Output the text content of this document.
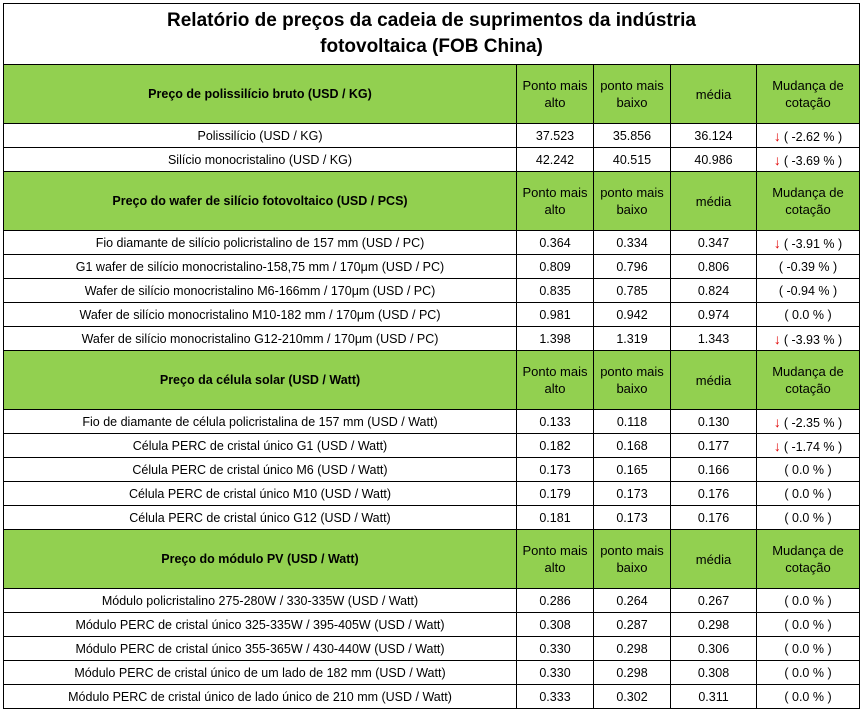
Relatório de preços da cadeia de suprimentos da indústria
fotovoltaica (FOB China)				
Preço de polissilício bruto (USD / KG)	Ponto mais alto	ponto mais baixo	média	Mudança de cotação
Polissilício (USD / KG)	37.523	35.856	36.124	↓ ( -2.62 % )
Silício monocristalino (USD / KG)	42.242	40.515	40.986	↓ ( -3.69 % )
Preço do wafer de silício fotovoltaico (USD / PCS)	Ponto mais alto	ponto mais baixo	média	Mudança de cotação
Fio diamante de silício policristalino de 157 mm (USD / PC)	0.364	0.334	0.347	↓ ( -3.91 % )
G1 wafer de silício monocristalino-158,75 mm / 170μm (USD / PC)	0.809	0.796	0.806	( -0.39 % )
Wafer de silício monocristalino M6-166mm / 170μm (USD / PC)	0.835	0.785	0.824	( -0.94 % )
Wafer de silício monocristalino M10-182 mm / 170μm (USD / PC)	0.981	0.942	0.974	( 0.0 % )
Wafer de silício monocristalino G12-210mm / 170μm (USD / PC)	1.398	1.319	1.343	↓ ( -3.93 % )
Preço da célula solar (USD / Watt)	Ponto mais alto	ponto mais baixo	média	Mudança de cotação
Fio de diamante de célula policristalina de 157 mm (USD / Watt)	0.133	0.118	0.130	↓ ( -2.35 % )
Célula PERC de cristal único G1 (USD / Watt)	0.182	0.168	0.177	↓ ( -1.74 % )
Célula PERC de cristal único M6 (USD / Watt)	0.173	0.165	0.166	( 0.0 % )
Célula PERC de cristal único M10 (USD / Watt)	0.179	0.173	0.176	( 0.0 % )
Célula PERC de cristal único G12 (USD / Watt)	0.181	0.173	0.176	( 0.0 % )
Preço do módulo PV (USD / Watt)	Ponto mais alto	ponto mais baixo	média	Mudança de cotação
Módulo policristalino 275-280W / 330-335W (USD / Watt)	0.286	0.264	0.267	( 0.0 % )
Módulo PERC de cristal único 325-335W / 395-405W (USD / Watt)	0.308	0.287	0.298	( 0.0 % )
Módulo PERC de cristal único 355-365W / 430-440W (USD / Watt)	0.330	0.298	0.306	( 0.0 % )
Módulo PERC de cristal único de um lado de 182 mm (USD / Watt)	0.330	0.298	0.308	( 0.0 % )
Módulo PERC de cristal único de lado único de 210 mm (USD / Watt)	0.333	0.302	0.311	( 0.0 % )
